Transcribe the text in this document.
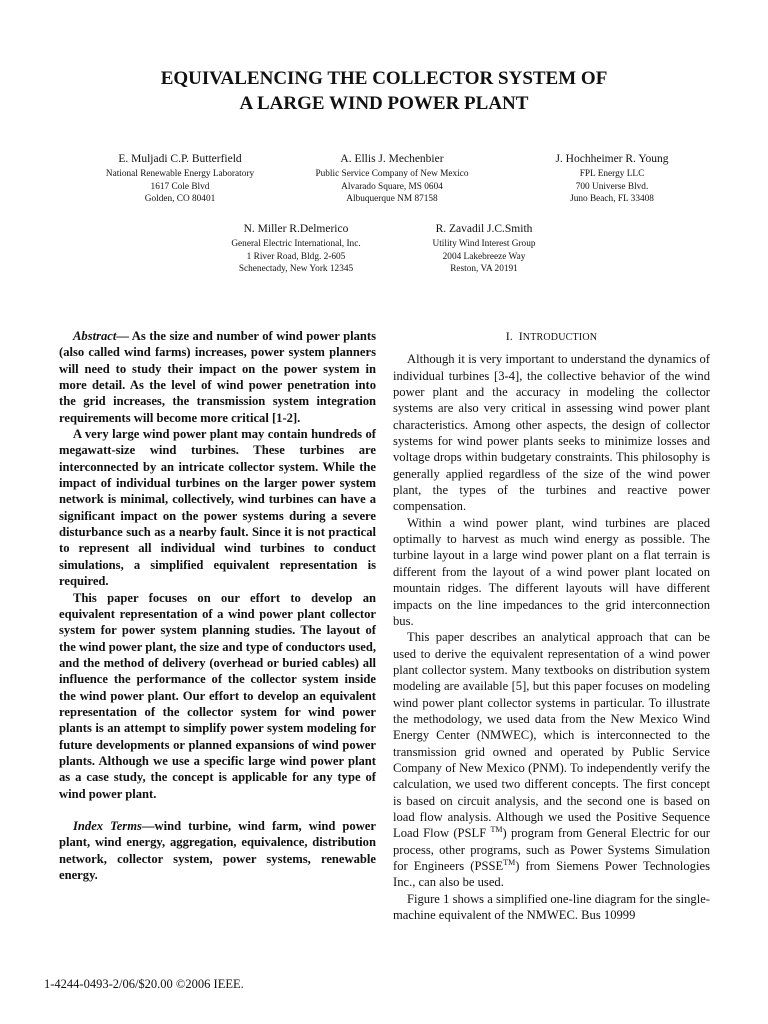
EQUIVALENCING THE COLLECTOR SYSTEM OF
A LARGE WIND POWER PLANT
E. Muljadi C.P. Butterfield
National Renewable Energy Laboratory
1617 Cole Blvd
Golden, CO 80401
A. Ellis J. Mechenbier
Public Service Company of New Mexico
Alvarado Square, MS 0604
Albuquerque NM 87158
J. Hochheimer R. Young
FPL Energy LLC
700 Universe Blvd.
Juno Beach, FL 33408
N. Miller R.Delmerico
General Electric International, Inc.
1 River Road, Bldg. 2-605
Schenectady, New York 12345
R. Zavadil J.C.Smith
Utility Wind Interest Group
2004 Lakebreeze Way
Reston, VA 20191

Abstract— As the size and number of wind power plants (also called wind farms) increases, power system planners will need to study their impact on the power system in more detail. As the level of wind power penetration into the grid increases, the transmission system integration requirements will become more critical [1-2].

A very large wind power plant may contain hundreds of megawatt-size wind turbines. These turbines are interconnected by an intricate collector system. While the impact of individual turbines on the larger power system network is minimal, collectively, wind turbines can have a significant impact on the power systems during a severe disturbance such as a nearby fault. Since it is not practical to represent all individual wind turbines to conduct simulations, a simplified equivalent representation is required.

This paper focuses on our effort to develop an equivalent representation of a wind power plant collector system for power system planning studies. The layout of the wind power plant, the size and type of conductors used, and the method of delivery (overhead or buried cables) all influence the performance of the collector system inside the wind power plant. Our effort to develop an equivalent representation of the collector system for wind power plants is an attempt to simplify power system modeling for future developments or planned expansions of wind power plants. Although we use a specific large wind power plant as a case study, the concept is applicable for any type of wind power plant.

Index Terms—wind turbine, wind farm, wind power plant, wind energy, aggregation, equivalence, distribution network, collector system, power systems, renewable energy.

I. INTRODUCTION

Although it is very important to understand the dynamics of individual turbines [3-4], the collective behavior of the wind power plant and the accuracy in modeling the collector systems are also very critical in assessing wind power plant characteristics. Among other aspects, the design of collector systems for wind power plants seeks to minimize losses and voltage drops within budgetary constraints. This philosophy is generally applied regardless of the size of the wind power plant, the types of the turbines and reactive power compensation.

Within a wind power plant, wind turbines are placed optimally to harvest as much wind energy as possible. The turbine layout in a large wind power plant on a flat terrain is different from the layout of a wind power plant located on mountain ridges. The different layouts will have different impacts on the line impedances to the grid interconnection bus.

This paper describes an analytical approach that can be used to derive the equivalent representation of a wind power plant collector system. Many textbooks on distribution system modeling are available [5], but this paper focuses on modeling wind power plant collector systems in particular. To illustrate the methodology, we used data from the New Mexico Wind Energy Center (NMWEC), which is interconnected to the transmission grid owned and operated by Public Service Company of New Mexico (PNM). To independently verify the calculation, we used two different concepts. The first concept is based on circuit analysis, and the second one is based on load flow analysis. Although we used the Positive Sequence Load Flow (PSLF ™) program from General Electric for our process, other programs, such as Power Systems Simulation for Engineers (PSSE™) from Siemens Power Technologies Inc., can also be used.

Figure 1 shows a simplified one-line diagram for the single-machine equivalent of the NMWEC. Bus 10999

1-4244-0493-2/06/$20.00 ©2006 IEEE.
